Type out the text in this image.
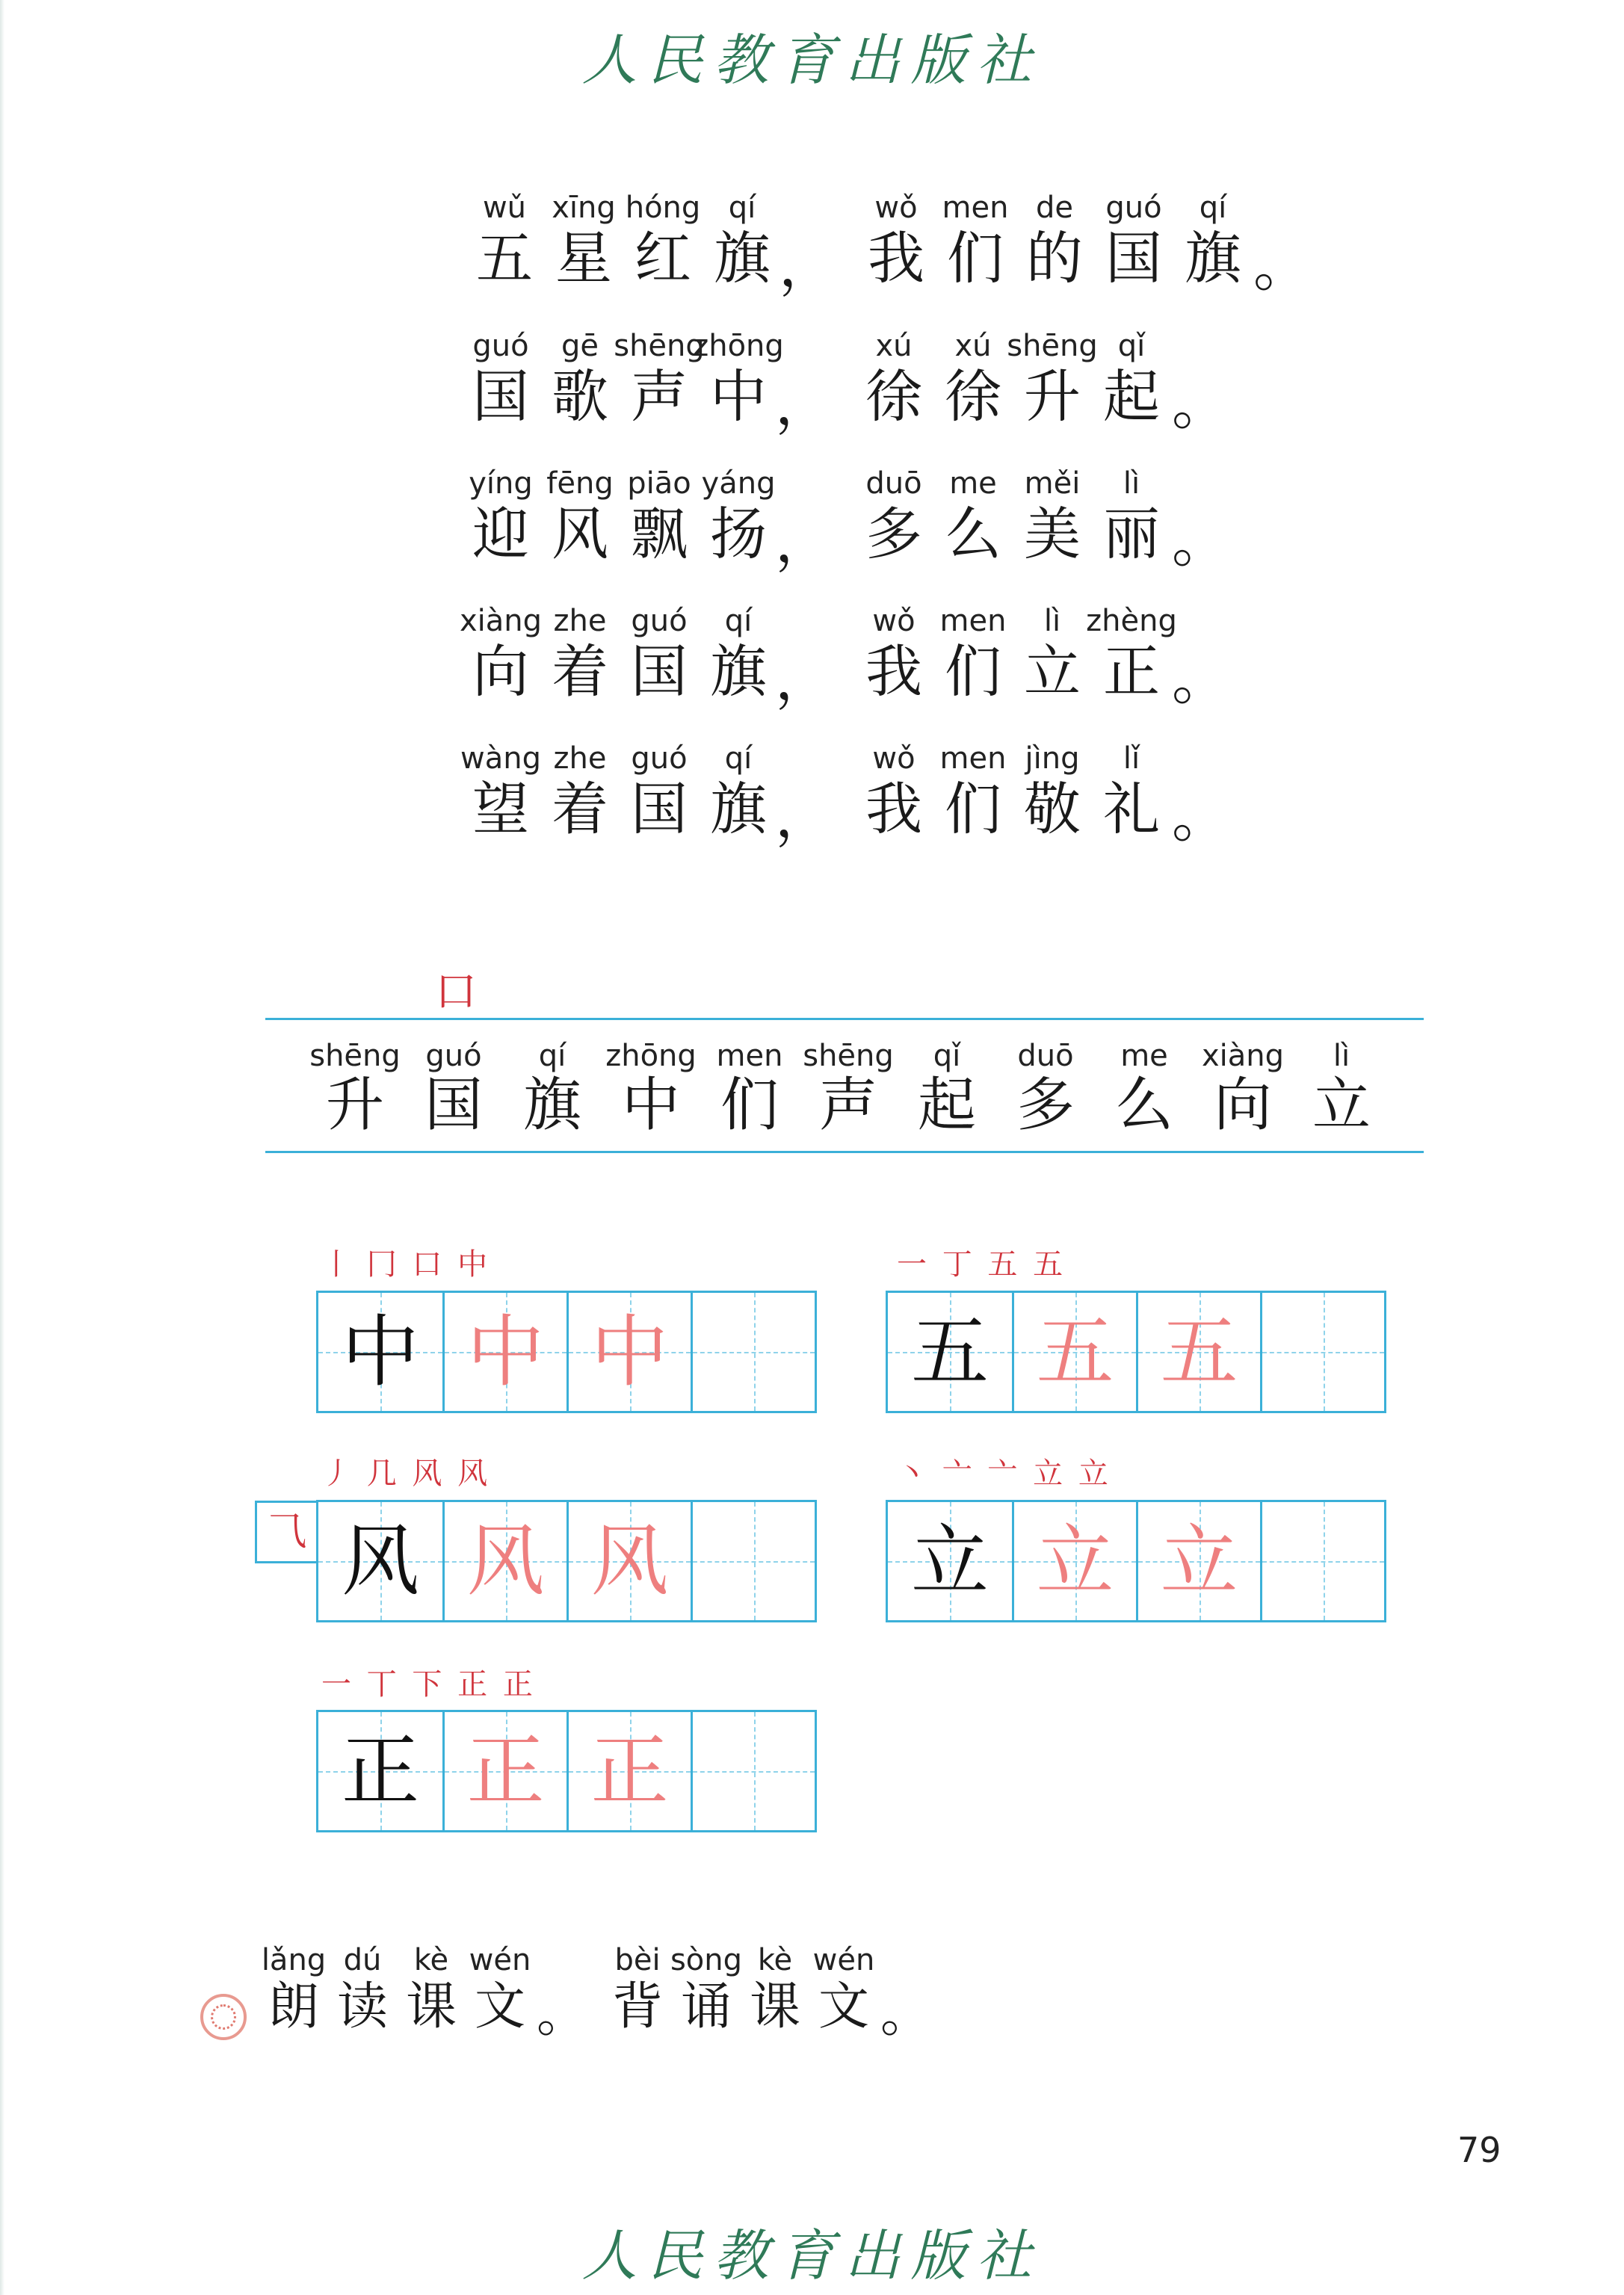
人民教育出版社
wǔ xīng hóng qí	wǒ men de guó qí
五 星 红 旗 ， 我 们 的 国 旗 。
guó gē shēng
zhōng	xú xú shēng qǐ
国 歌 声 中 ， 徐 徐 升 起 。
yíng fēng piāo yáng	duō me měi lì
迎 风 飘 扬 ， 多 么 美 丽 。
xiàng zhe guó qí	wǒ men lì zhèng
向 着 国 旗 ， 我 们 立 正 。
wàng zhe guó qí	wǒ men jìng lǐ
望 着 国 旗 ， 我 们 敬 礼 。
口
shēng guó qí zhōng men shēng qǐ duō me xiàng lì
升 国 旗 中 们 声 起 多 么 向 立
丨 冂 口 中
中 中 中
一 丁 五 五
五 五 五
丿 几 风 风
⺄ 风 风 风
丶 亠 亠 立 立
立 立 立
一 丅 下 正 正
正 正 正
lǎng dú kè wén	bèi sòng kè wén
朗 读 课 文 。 背 诵 课 文 。
79
人民教育出版社
